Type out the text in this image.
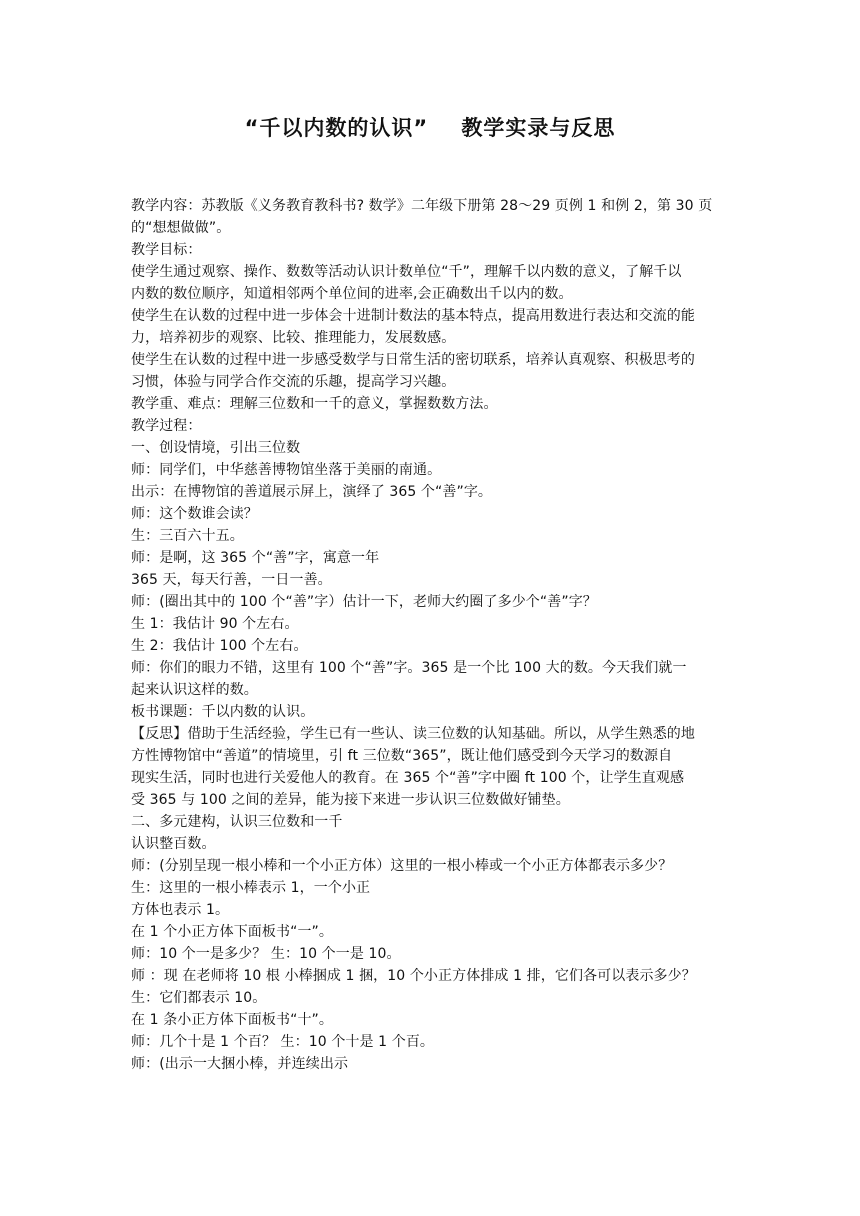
“千以内数的认识”    教学实录与反思
教学内容：苏教版《义务教育教科书? 数学》二年级下册第 28～29 页例 1 和例 2，第 30 页
的“想想做做”。
教学目标：
使学生通过观察、操作、数数等活动认识计数单位“千”，理解千以内数的意义，了解千以
内数的数位顺序，知道相邻两个单位间的进率,会正确数出千以内的数。
使学生在认数的过程中进一步体会十进制计数法的基本特点，提高用数进行表达和交流的能
力，培养初步的观察、比较、推理能力，发展数感。
使学生在认数的过程中进一步感受数学与日常生活的密切联系，培养认真观察、积极思考的
习惯，体验与同学合作交流的乐趣，提高学习兴趣。
教学重、难点：理解三位数和一千的意义，掌握数数方法。
教学过程：
一、创设情境，引出三位数
师：同学们，中华慈善博物馆坐落于美丽的南通。
出示：在博物馆的善道展示屏上，演绎了 365 个“善”字。
师：这个数谁会读？
生：三百六十五。
师：是啊，这 365 个“善”字，寓意一年
365 天，每天行善，一日一善。
师：(圈出其中的 100 个“善”字）估计一下，老师大约圈了多少个“善”字？
生 1：我估计 90 个左右。
生 2：我估计 100 个左右。
师：你们的眼力不错，这里有 100 个“善”字。365 是一个比 100 大的数。今天我们就一
起来认识这样的数。
板书课题：千以内数的认识。
【反思】借助于生活经验，学生已有一些认、读三位数的认知基础。所以，从学生熟悉的地
方性博物馆中“善道”的情境里，引 ft 三位数“365”，既让他们感受到今天学习的数源自
现实生活，同时也进行关爱他人的教育。在 365 个“善”字中圈 ft 100 个，让学生直观感
受 365 与 100 之间的差异，能为接下来进一步认识三位数做好铺垫。
二、多元建构，认识三位数和一千
认识整百数。
师：(分别呈现一根小棒和一个小正方体）这里的一根小棒或一个小正方体都表示多少？
生：这里的一根小棒表示 1，一个小正
方体也表示 1。
在 1 个小正方体下面板书“一”。
师：10 个一是多少？ 生：10 个一是 10。
师 ：现 在老师将 10 根 小棒捆成 1 捆，10 个小正方体排成 1 排，它们各可以表示多少？
生：它们都表示 10。
在 1 条小正方体下面板书“十”。
师：几个十是 1 个百？ 生：10 个十是 1 个百。
师：(出示一大捆小棒，并连续出示
